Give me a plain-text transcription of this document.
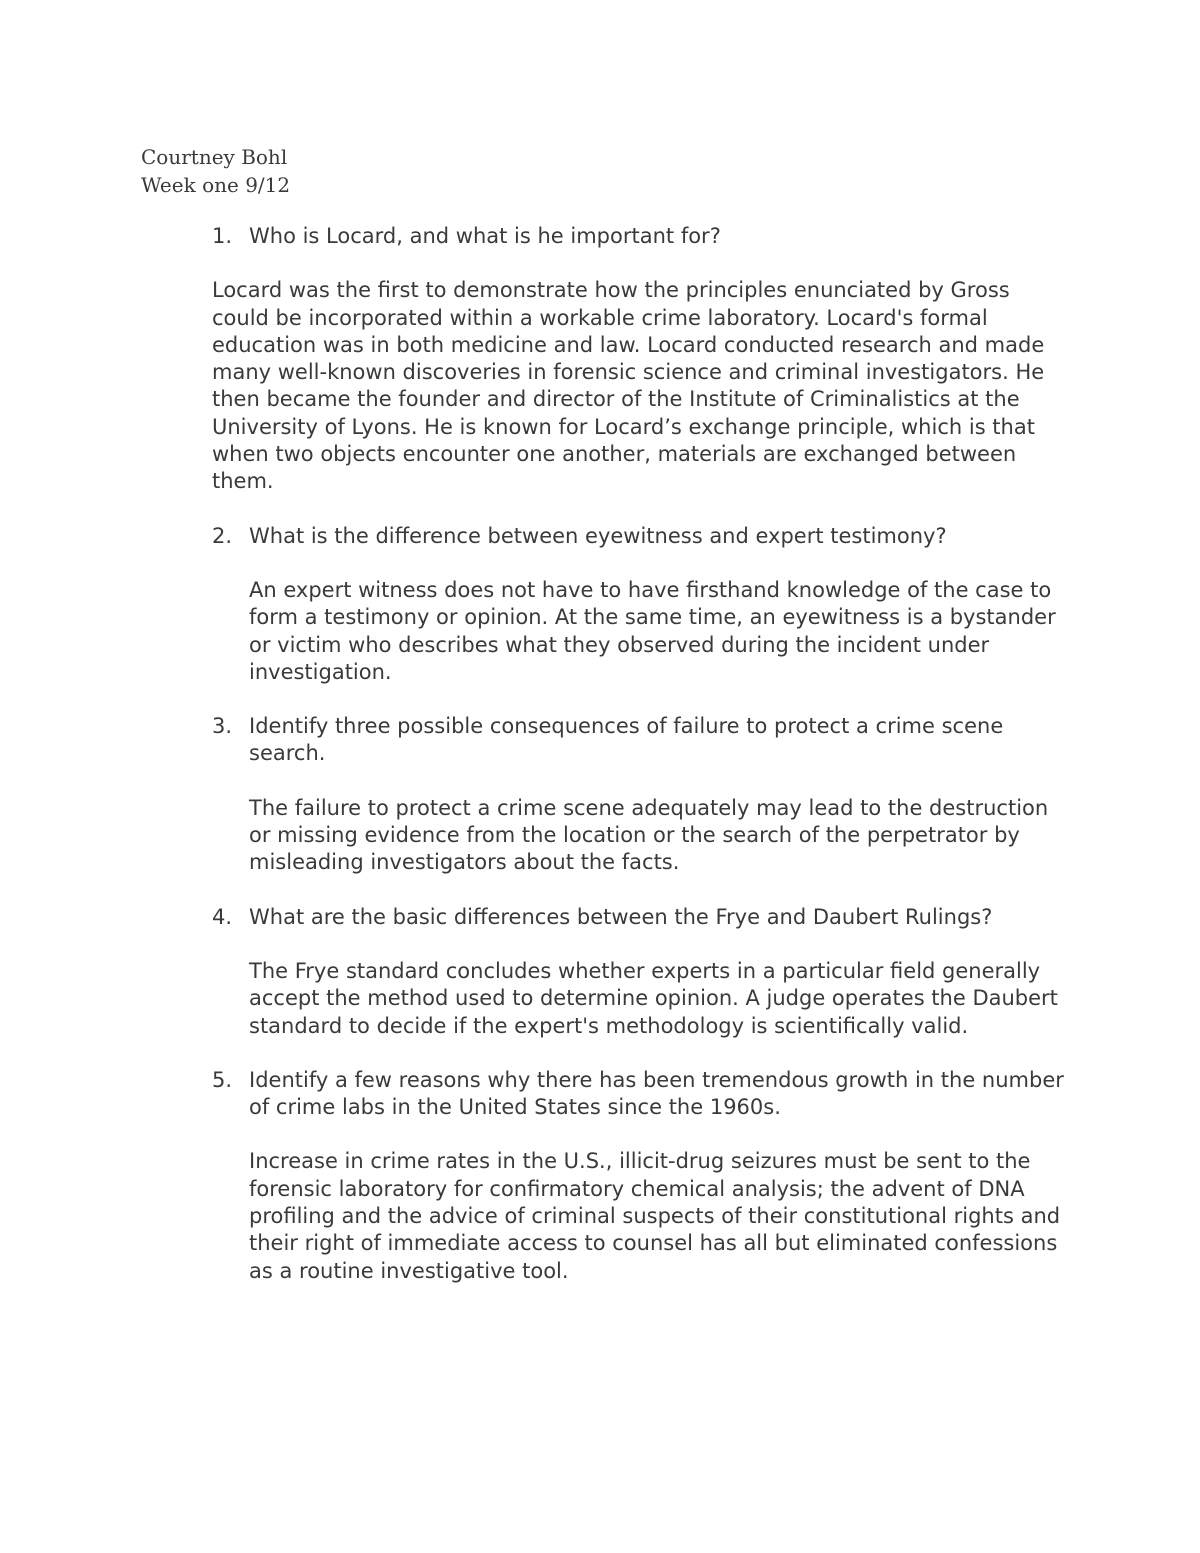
Courtney Bohl
Week one 9/12
1. Who is Locard, and what is he important for?
Locard was the first to demonstrate how the principles enunciated by Gross could be incorporated within a workable crime laboratory. Locard's formal education was in both medicine and law. Locard conducted research and made many well-known discoveries in forensic science and criminal investigators. He then became the founder and director of the Institute of Criminalistics at the University of Lyons. He is known for Locard’s exchange principle, which is that when two objects encounter one another, materials are exchanged between them.
2. What is the difference between eyewitness and expert testimony?
An expert witness does not have to have firsthand knowledge of the case to form a testimony or opinion. At the same time, an eyewitness is a bystander or victim who describes what they observed during the incident under investigation.
3. Identify three possible consequences of failure to protect a crime scene search.
The failure to protect a crime scene adequately may lead to the destruction or missing evidence from the location or the search of the perpetrator by misleading investigators about the facts.
4. What are the basic differences between the Frye and Daubert Rulings?
The Frye standard concludes whether experts in a particular field generally accept the method used to determine opinion. A judge operates the Daubert standard to decide if the expert's methodology is scientifically valid.
5. Identify a few reasons why there has been tremendous growth in the number of crime labs in the United States since the 1960s.
Increase in crime rates in the U.S., illicit-drug seizures must be sent to the forensic laboratory for confirmatory chemical analysis; the advent of DNA profiling and the advice of criminal suspects of their constitutional rights and their right of immediate access to counsel has all but eliminated confessions as a routine investigative tool.
